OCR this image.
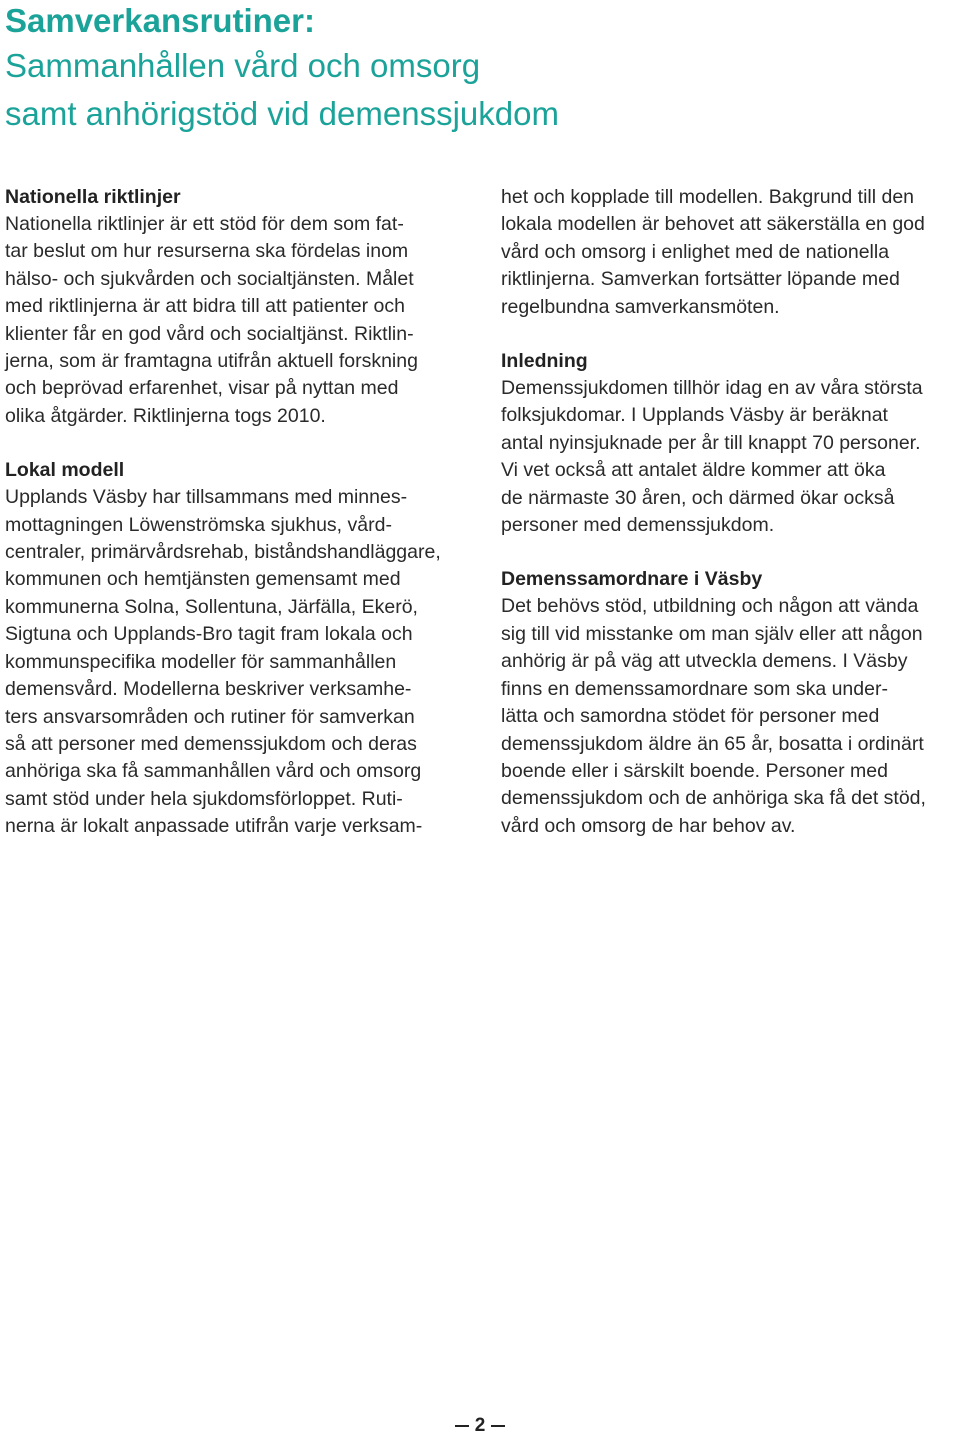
Samverkansrutiner:

Sammanhållen vård och omsorg

samt anhörigstöd vid demenssjukdom

Nationella riktlinjer

Nationella riktlinjer är ett stöd för dem som fat-
tar beslut om hur resurserna ska fördelas inom
hälso- och sjukvården och socialtjänsten. Målet
med riktlinjerna är att bidra till att patienter och
klienter får en god vård och socialtjänst. Riktlin-
jerna, som är framtagna utifrån aktuell forskning
och beprövad erfarenhet, visar på nyttan med
olika åtgärder. Riktlinjerna togs 2010.

Lokal modell

Upplands Väsby har tillsammans med minnes-
mottagningen Löwenströmska sjukhus, vård-
centraler, primärvårdsrehab, biståndshandläggare,
kommunen och hemtjänsten gemensamt med
kommunerna Solna, Sollentuna, Järfälla, Ekerö,
Sigtuna och Upplands-Bro tagit fram lokala och
kommunspecifika modeller för sammanhållen
demensvård. Modellerna beskriver verksamhe-
ters ansvarsområden och rutiner för samverkan
så att personer med demenssjukdom och deras
anhöriga ska få sammanhållen vård och omsorg
samt stöd under hela sjukdomsförloppet. Ruti-
nerna är lokalt anpassade utifrån varje verksam-
het och kopplade till modellen. Bakgrund till den
lokala modellen är behovet att säkerställa en god
vård och omsorg i enlighet med de nationella
riktlinjerna. Samverkan fortsätter löpande med
regelbundna samverkansmöten.

Inledning

Demenssjukdomen tillhör idag en av våra största
folksjukdomar. I Upplands Väsby är beräknat
antal nyinsjuknade per år till knappt 70 personer.
Vi vet också att antalet äldre kommer att öka
de närmaste 30 åren, och därmed ökar också
personer med demenssjukdom.

Demenssamordnare i Väsby

Det behövs stöd, utbildning och någon att vända
sig till vid misstanke om man själv eller att någon
anhörig är på väg att utveckla demens. I Väsby
finns en demenssamordnare som ska under-
lätta och samordna stödet för personer med
demenssjukdom äldre än 65 år, bosatta i ordinärt
boende eller i särskilt boende. Personer med
demenssjukdom och de anhöriga ska få det stöd,
vård och omsorg de har behov av.
2
